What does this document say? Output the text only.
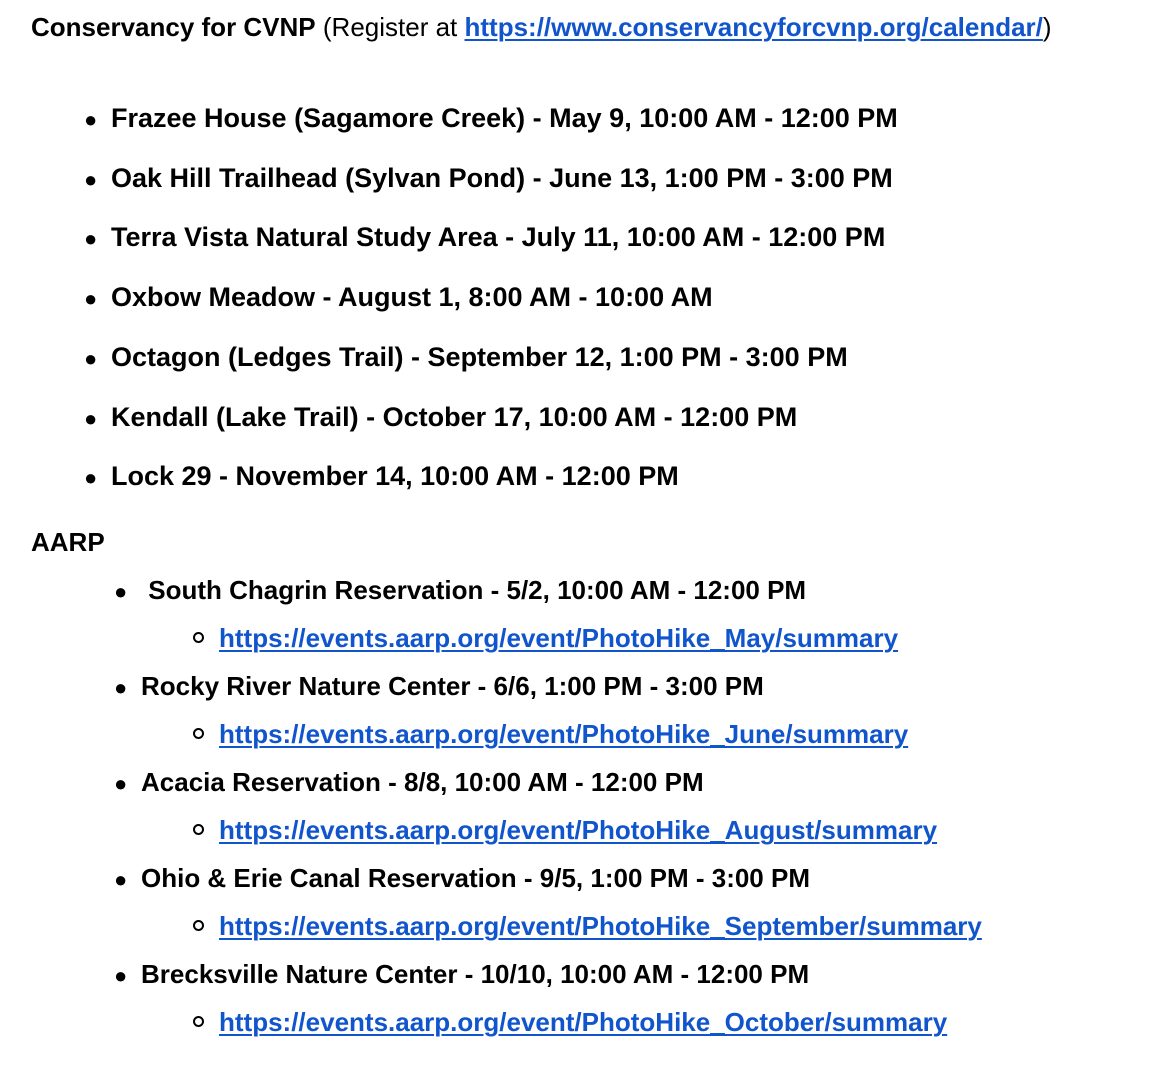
Conservancy for CVNP (Register at https://www.conservancyforcvnp.org/calendar/)
● Frazee House (Sagamore Creek) - May 9, 10:00 AM - 12:00 PM
● Oak Hill Trailhead (Sylvan Pond) - June 13, 1:00 PM - 3:00 PM
● Terra Vista Natural Study Area - July 11, 10:00 AM - 12:00 PM
● Oxbow Meadow - August 1, 8:00 AM - 10:00 AM
● Octagon (Ledges Trail) - September 12, 1:00 PM - 3:00 PM
● Kendall (Lake Trail) - October 17, 10:00 AM - 12:00 PM
● Lock 29 - November 14, 10:00 AM - 12:00 PM
AARP
● South Chagrin Reservation - 5/2, 10:00 AM - 12:00 PM
https://events.aarp.org/event/PhotoHike_May/summary
● Rocky River Nature Center - 6/6, 1:00 PM - 3:00 PM
https://events.aarp.org/event/PhotoHike_June/summary
● Acacia Reservation - 8/8, 10:00 AM - 12:00 PM
https://events.aarp.org/event/PhotoHike_August/summary
● Ohio & Erie Canal Reservation - 9/5, 1:00 PM - 3:00 PM
https://events.aarp.org/event/PhotoHike_September/summary
● Brecksville Nature Center - 10/10, 10:00 AM - 12:00 PM
https://events.aarp.org/event/PhotoHike_October/summary
